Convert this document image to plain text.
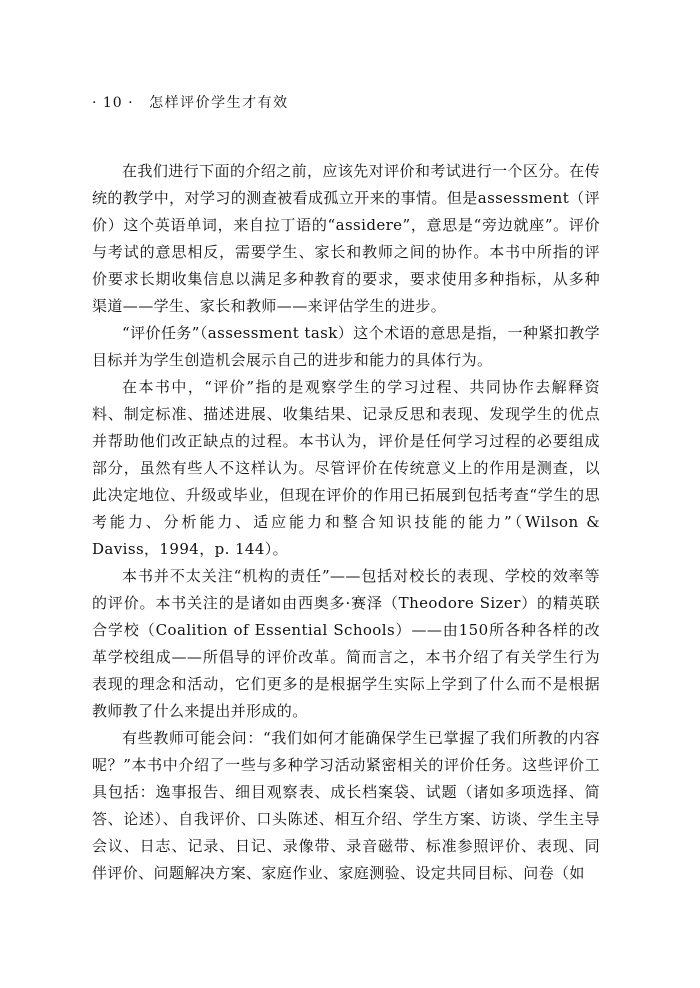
· 10 · 怎样评价学生才有效

在我们进行下面的介绍之前，应该先对评价和考试进行一个区分。在传统的教学中，对学习的测查被看成孤立开来的事情。但是assessment（评价）这个英语单词，来自拉丁语的“assidere”，意思是“旁边就座”。评价与考试的意思相反，需要学生、家长和教师之间的协作。本书中所指的评价要求长期收集信息以满足多种教育的要求，要求使用多种指标，从多种渠道——学生、家长和教师——来评估学生的进步。

“评价任务”（assessment task）这个术语的意思是指，一种紧扣教学目标并为学生创造机会展示自己的进步和能力的具体行为。

在本书中，“评价”指的是观察学生的学习过程、共同协作去解释资料、制定标准、描述进展、收集结果、记录反思和表现、发现学生的优点并帮助他们改正缺点的过程。本书认为，评价是任何学习过程的必要组成部分，虽然有些人不这样认为。尽管评价在传统意义上的作用是测查，以此决定地位、升级或毕业，但现在评价的作用已拓展到包括考查“学生的思考能力、分析能力、适应能力和整合知识技能的能力”（Wilson & Daviss，1994，p. 144）。

本书并不太关注“机构的责任”——包括对校长的表现、学校的效率等的评价。本书关注的是诸如由西奥多·赛泽（Theodore Sizer）的精英联合学校（Coalition of Essential Schools）——由150所各种各样的改革学校组成——所倡导的评价改革。简而言之，本书介绍了有关学生行为表现的理念和活动，它们更多的是根据学生实际上学到了什么而不是根据教师教了什么来提出并形成的。

有些教师可能会问：“我们如何才能确保学生已掌握了我们所教的内容呢？”本书中介绍了一些与多种学习活动紧密相关的评价任务。这些评价工具包括：逸事报告、细目观察表、成长档案袋、试题（诸如多项选择、简答、论述）、自我评价、口头陈述、相互介绍、学生方案、访谈、学生主导会议、日志、记录、日记、录像带、录音磁带、标准参照评价、表现、同伴评价、问题解决方案、家庭作业、家庭测验、设定共同目标、问卷（如
